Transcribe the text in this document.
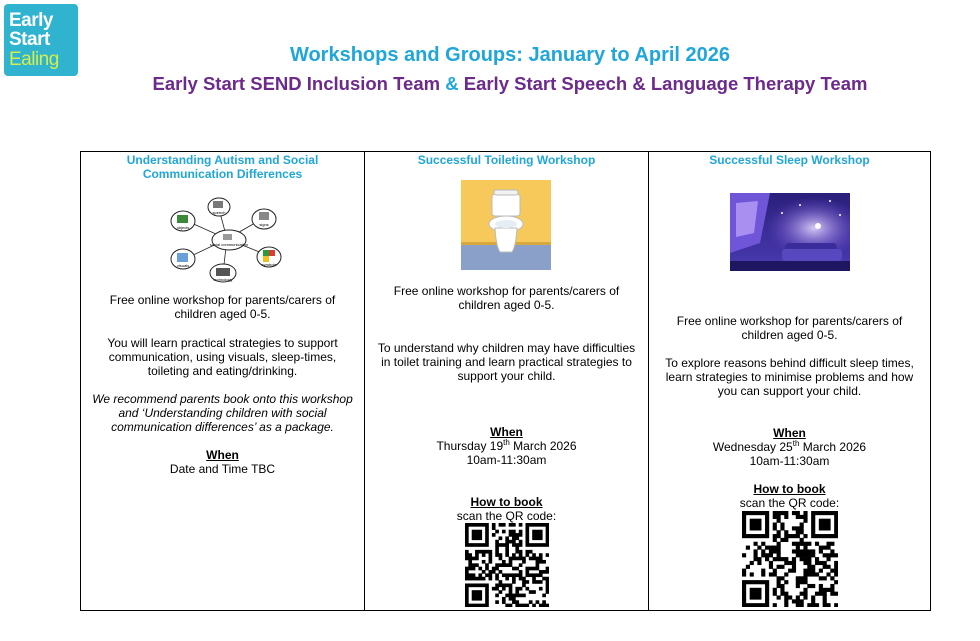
Early
Start
Ealing	Workshops and Groups: January to April 2026
Early Start SEND Inclusion Team & Early Start Speech & Language Therapy Team
Understanding Autism and Social
Communication Differences
social communication
speech
signs
symbols
technology
visuals
objects
Free online workshop for parents/carers of
children aged 0-5.
You will learn practical strategies to support
communication, using visuals, sleep-times,
toileting and eating/drinking.
We recommend parents book onto this workshop
and ‘Understanding children with social
communication differences’ as a package.
When
Date and Time TBC
Successful Toileting Workshop
Free online workshop for parents/carers of
children aged 0-5.
To understand why children may have difficulties
in toilet training and learn practical strategies to
support your child.
When
Thursday 19th March 2026
10am-11:30am
How to book
scan the QR code:
Successful Sleep Workshop
Free online workshop for parents/carers of
children aged 0-5.
To explore reasons behind difficult sleep times,
learn strategies to minimise problems and how
you can support your child.
When
Wednesday 25th March 2026
10am-11:30am
How to book
scan the QR code:
